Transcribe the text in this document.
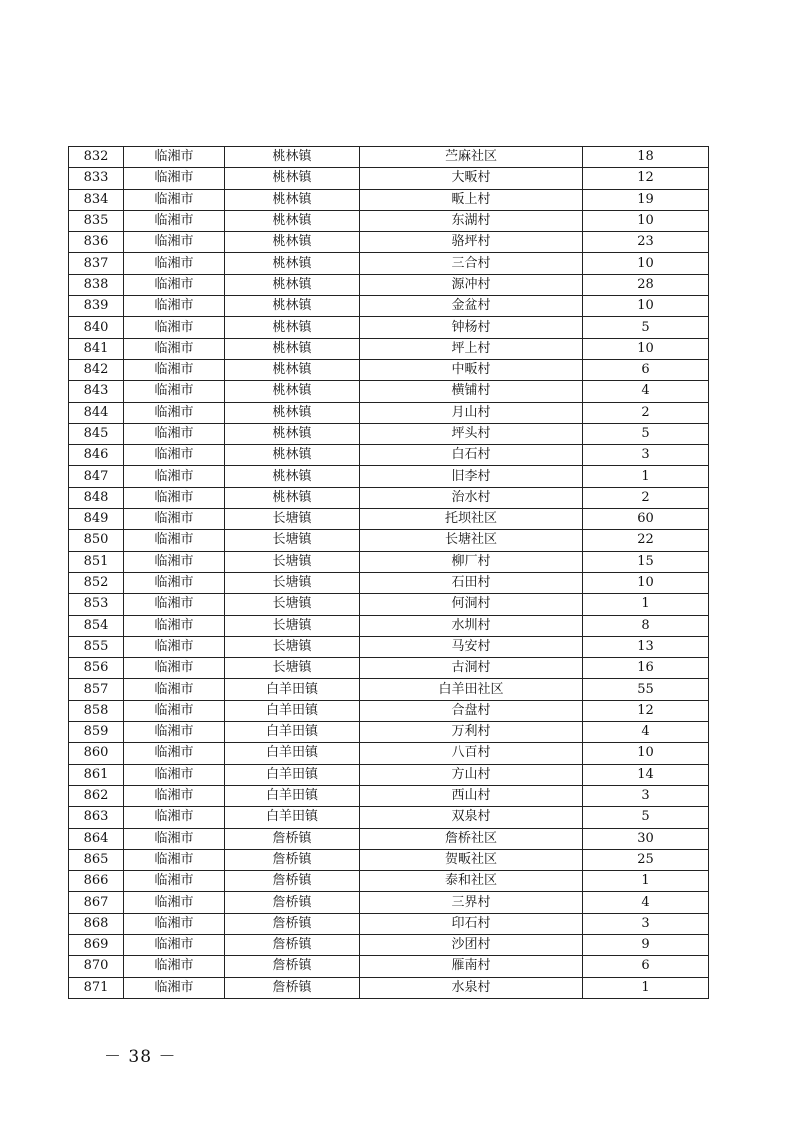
832	临湘市	桃林镇	苎麻社区	18
833	临湘市	桃林镇	大畈村	12
834	临湘市	桃林镇	畈上村	19
835	临湘市	桃林镇	东湖村	10
836	临湘市	桃林镇	骆坪村	23
837	临湘市	桃林镇	三合村	10
838	临湘市	桃林镇	源冲村	28
839	临湘市	桃林镇	金盆村	10
840	临湘市	桃林镇	钟杨村	5
841	临湘市	桃林镇	坪上村	10
842	临湘市	桃林镇	中畈村	6
843	临湘市	桃林镇	横铺村	4
844	临湘市	桃林镇	月山村	2
845	临湘市	桃林镇	坪头村	5
846	临湘市	桃林镇	白石村	3
847	临湘市	桃林镇	旧李村	1
848	临湘市	桃林镇	治水村	2
849	临湘市	长塘镇	托坝社区	60
850	临湘市	长塘镇	长塘社区	22
851	临湘市	长塘镇	柳厂村	15
852	临湘市	长塘镇	石田村	10
853	临湘市	长塘镇	何洞村	1
854	临湘市	长塘镇	水圳村	8
855	临湘市	长塘镇	马安村	13
856	临湘市	长塘镇	古洞村	16
857	临湘市	白羊田镇	白羊田社区	55
858	临湘市	白羊田镇	合盘村	12
859	临湘市	白羊田镇	万利村	4
860	临湘市	白羊田镇	八百村	10
861	临湘市	白羊田镇	方山村	14
862	临湘市	白羊田镇	西山村	3
863	临湘市	白羊田镇	双泉村	5
864	临湘市	詹桥镇	詹桥社区	30
865	临湘市	詹桥镇	贺畈社区	25
866	临湘市	詹桥镇	泰和社区	1
867	临湘市	詹桥镇	三界村	4
868	临湘市	詹桥镇	印石村	3
869	临湘市	詹桥镇	沙团村	9
870	临湘市	詹桥镇	雁南村	6
871	临湘市	詹桥镇	水泉村	1
－ 38 －
